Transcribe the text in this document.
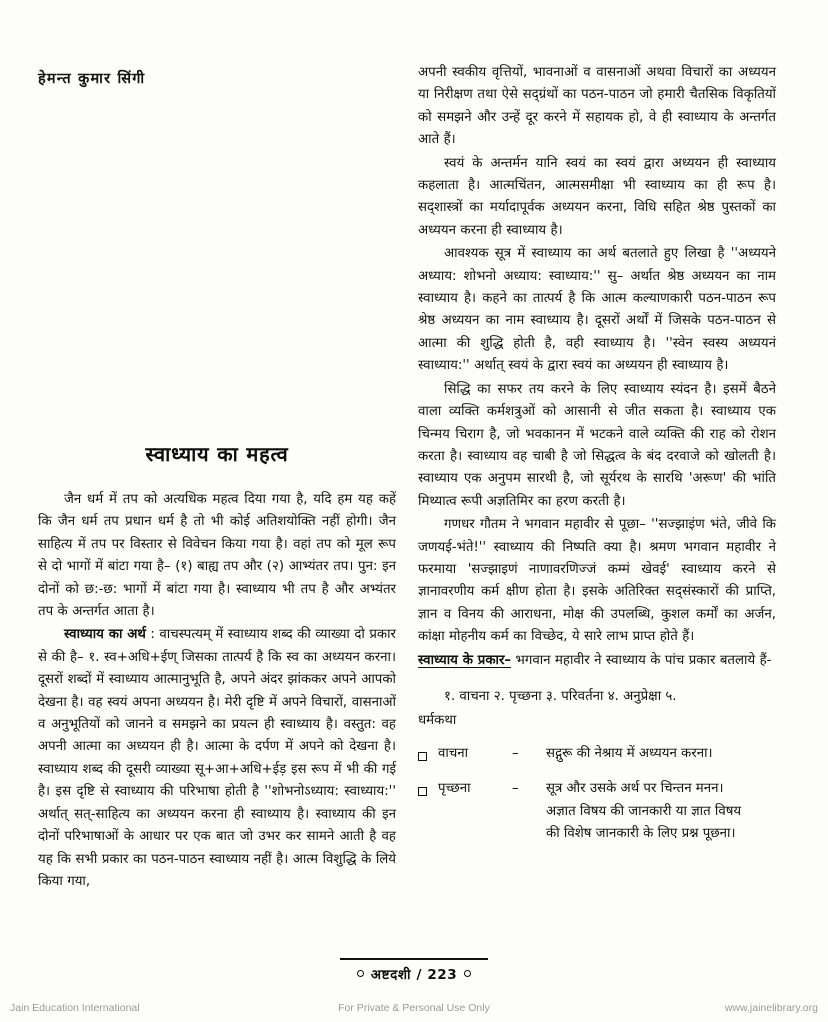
हेमन्त कुमार सिंगी
स्वाध्याय का महत्व

जैन धर्म में तप को अत्यधिक महत्व दिया गया है, यदि हम यह कहें कि जैन धर्म तप प्रधान धर्म है तो भी कोई अतिशयोक्ति नहीं होगी। जैन साहित्य में तप पर विस्तार से विवेचन किया गया है। वहां तप को मूल रूप से दो भागों में बांटा गया है– (१) बाह्य तप और (२) आभ्यंतर तप। पुन: इन दोनों को छ:-छ: भागों में बांटा गया है। स्वाध्याय भी तप है और अभ्यंतर तप के अन्तर्गत आता है।

स्वाध्याय का अर्थ : वाचस्पत्यम् में स्वाध्याय शब्द की व्याख्या दो प्रकार से की है– १. स्व+अधि+ईण् जिसका तात्पर्य है कि स्व का अध्ययन करना। दूसरों शब्दों में स्वाध्याय आत्मानुभूति है, अपने अंदर झांककर अपने आपको देखना है। वह स्वयं अपना अध्ययन है। मेरी दृष्टि में अपने विचारों, वासनाओं व अनुभूतियों को जानने व समझने का प्रयत्न ही स्वाध्याय है। वस्तुत: वह अपनी आत्मा का अध्ययन ही है। आत्मा के दर्पण में अपने को देखना है। स्वाध्याय शब्द की दूसरी व्याख्या सू+आ+अधि+ईड़ इस रूप में भी की गई है। इस दृष्टि से स्वाध्याय की परिभाषा होती है ''शोभनोऽध्याय: स्वाध्याय:'' अर्थात् सत्-साहित्य का अध्ययन करना ही स्वाध्याय है। स्वाध्याय की इन दोनों परिभाषाओं के आधार पर एक बात जो उभर कर सामने आती है वह यह कि सभी प्रकार का पठन-पाठन स्वाध्याय नहीं है। आत्म विशुद्धि के लिये किया गया,

अपनी स्वकीय वृत्तियों, भावनाओं व वासनाओं अथवा विचारों का अध्ययन या निरीक्षण तथा ऐसे सद्ग्रंथों का पठन-पाठन जो हमारी चैतसिक विकृतियों को समझने और उन्हें दूर करने में सहायक हो, वे ही स्वाध्याय के अन्तर्गत आते हैं।

स्वयं के अन्तर्मन यानि स्वयं का स्वयं द्वारा अध्ययन ही स्वाध्याय कहलाता है। आत्मचिंतन, आत्मसमीक्षा भी स्वाध्याय का ही रूप है। सद्शास्त्रों का मर्यादापूर्वक अध्ययन करना, विधि सहित श्रेष्ठ पुस्तकों का अध्ययन करना ही स्वाध्याय है।

आवश्यक सूत्र में स्वाध्याय का अर्थ बतलाते हुए लिखा है ''अध्ययने अध्याय: शोभनो अध्याय: स्वाध्याय:'' सु– अर्थात श्रेष्ठ अध्ययन का नाम स्वाध्याय है। कहने का तात्पर्य है कि आत्म कल्याणकारी पठन-पाठन रूप श्रेष्ठ अध्ययन का नाम स्वाध्याय है। दूसरों अर्थों में जिसके पठन-पाठन से आत्मा की शुद्धि होती है, वही स्वाध्याय है। ''स्वेन स्वस्य अध्ययनं स्वाध्याय:'' अर्थात् स्वयं के द्वारा स्वयं का अध्ययन ही स्वाध्याय है।

सिद्धि का सफर तय करने के लिए स्वाध्याय स्यंदन है। इसमें बैठने वाला व्यक्ति कर्मशत्रुओं को आसानी से जीत सकता है। स्वाध्याय एक चिन्मय चिराग है, जो भवकानन में भटकने वाले व्यक्ति की राह को रोशन करता है। स्वाध्याय वह चाबी है जो सिद्धत्व के बंद दरवाजे को खोलती है। स्वाध्याय एक अनुपम सारथी है, जो सूर्यरथ के सारथि 'अरूण' की भांति मिथ्यात्व रूपी अज्ञतिमिर का हरण करती है।

गणधर गौतम ने भगवान महावीर से पूछा– ''सज्झाइंण भंते, जीवे कि जणयई-भंते!'' स्वाध्याय की निष्पति क्या है। श्रमण भगवान महावीर ने फरमाया 'सज्झाइणं नाणावरणिज्जं कम्मं खेवई' स्वाध्याय करने से ज्ञानावरणीय कर्म क्षीण होता है। इसके अतिरिक्त सद्संस्कारों की प्राप्ति, ज्ञान व विनय की आराधना, मोक्ष की उपलब्धि, कुशल कर्मों का अर्जन, कांक्षा मोहनीय कर्म का विच्छेद, ये सारे लाभ प्राप्त होते हैं।

स्वाध्याय के प्रकार– भगवान महावीर ने स्वाध्याय के पांच प्रकार बतलाये हैं-

१. वाचना २. पृच्छना ३. परिवर्तना ४. अनुप्रेक्षा ५.

धर्मकथा

वाचना	–	सद्गुरू की नेश्राय में अध्ययन करना।
पृच्छना	–	सूत्र और उसके अर्थ पर चिन्तन मनन।
अज्ञात विषय की जानकारी या ज्ञात विषय
की विशेष जानकारी के लिए प्रश्न पूछना।
अष्टदशी / 223
Jain Education International	For Private & Personal Use Only	www.jainelibrary.org
